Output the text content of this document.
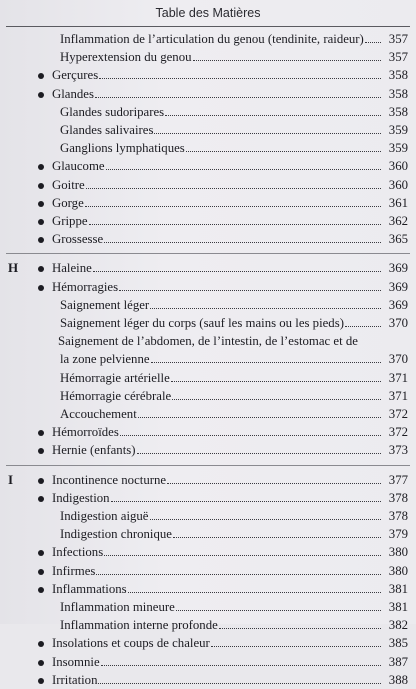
Table des Matières
Inflammation de l’articulation du genou (tendinite, raideur)	357
Hyperextension du genou	357
Gerçures	358
Glandes	358
Glandes sudoripares	358
Glandes salivaires	359
Ganglions lymphatiques	359
Glaucome	360
Goitre	360
Gorge	361
Grippe	362
Grossesse	365
H	Haleine	369
Hémorragies	369
Saignement léger	369
Saignement léger du corps (sauf les mains ou les pieds)	370
Saignement de l’abdomen, de l’intestin, de l’estomac et de
la zone pelvienne	370
Hémorragie artérielle	371
Hémorragie cérébrale	371
Accouchement	372
Hémorroïdes	372
Hernie (enfants)	373
I	Incontinence nocturne	377
Indigestion	378
Indigestion aiguë	378
Indigestion chronique	379
Infections	380
Infirmes	380
Inflammations	381
Inflammation mineure	381
Inflammation interne profonde	382
Insolations et coups de chaleur	385
Insomnie	387
Irritation	388
